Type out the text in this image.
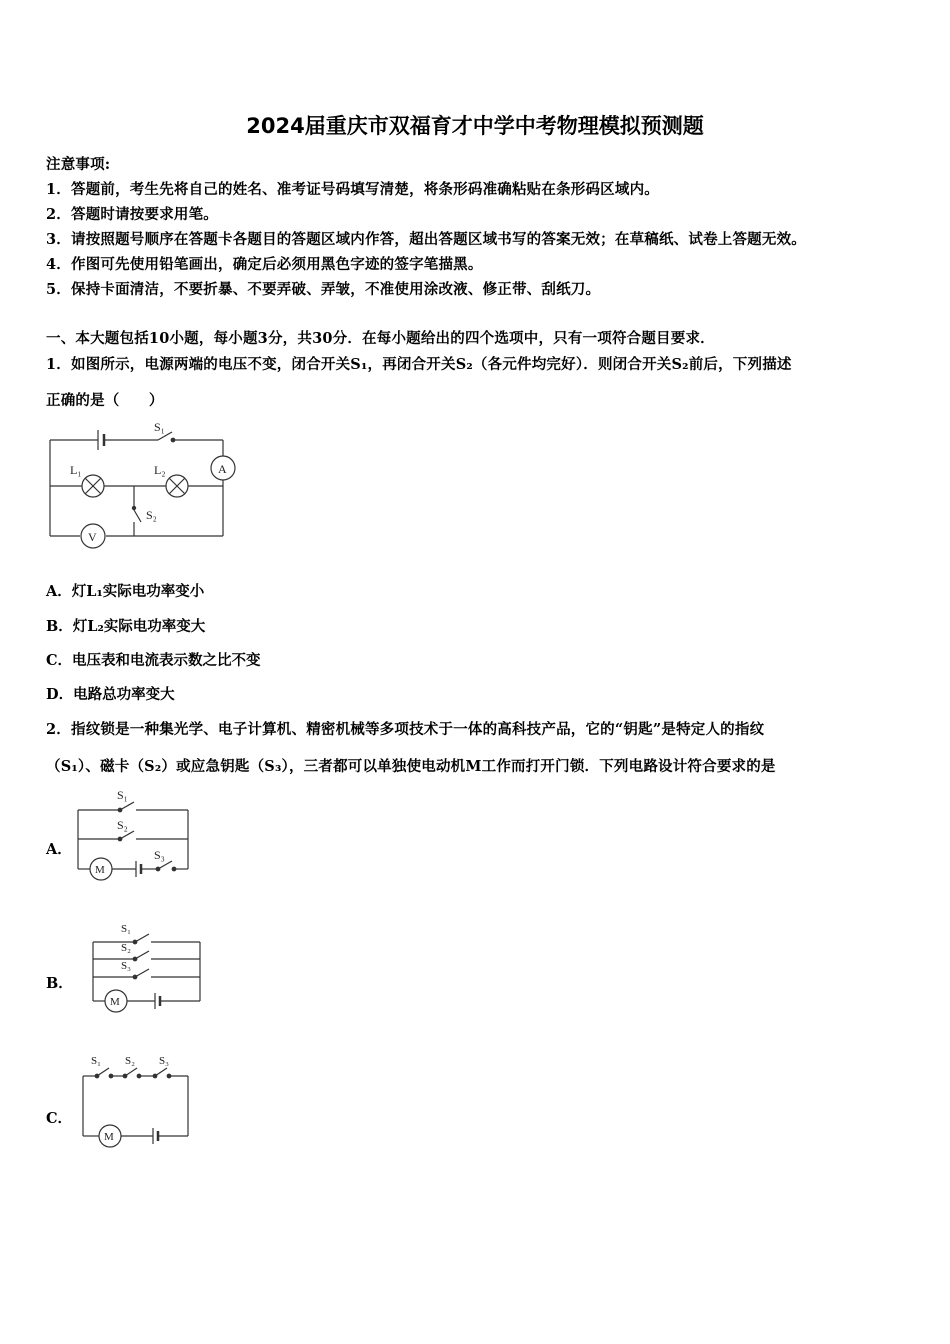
2024届重庆市双福育才中学中考物理模拟预测题
注意事项:
1．答题前，考生先将自己的姓名、准考证号码填写清楚，将条形码准确粘贴在条形码区域内。
2．答题时请按要求用笔。
3．请按照题号顺序在答题卡各题目的答题区域内作答，超出答题区域书写的答案无效；在草稿纸、试卷上答题无效。
4．作图可先使用铅笔画出，确定后必须用黑色字迹的签字笔描黑。
5．保持卡面清洁，不要折暴、不要弄破、弄皱，不准使用涂改液、修正带、刮纸刀。
一、本大题包括10小题，每小题3分，共30分．在每小题给出的四个选项中，只有一项符合题目要求．
1．如图所示，电源两端的电压不变，闭合开关S₁，再闭合开关S₂（各元件均完好）．则闭合开关S₂前后，下列描述
正确的是（　　）
S₁
L₁	L₂
S₂
A
V
A．灯L₁实际电功率变小
B．灯L₂实际电功率变大
C．电压表和电流表示数之比不变
D．电路总功率变大
2．指纹锁是一种集光学、电子计算机、精密机械等多项技术于一体的高科技产品，它的“钥匙”是特定人的指纹
（S₁）、磁卡（S₂）或应急钥匙（S₃），三者都可以单独使电动机M工作而打开门锁．下列电路设计符合要求的是
A．
S₁
S₂
S₃
M
B．
S₁
S₂
S₃
M
C．
S₁ S₂ S₃
M
